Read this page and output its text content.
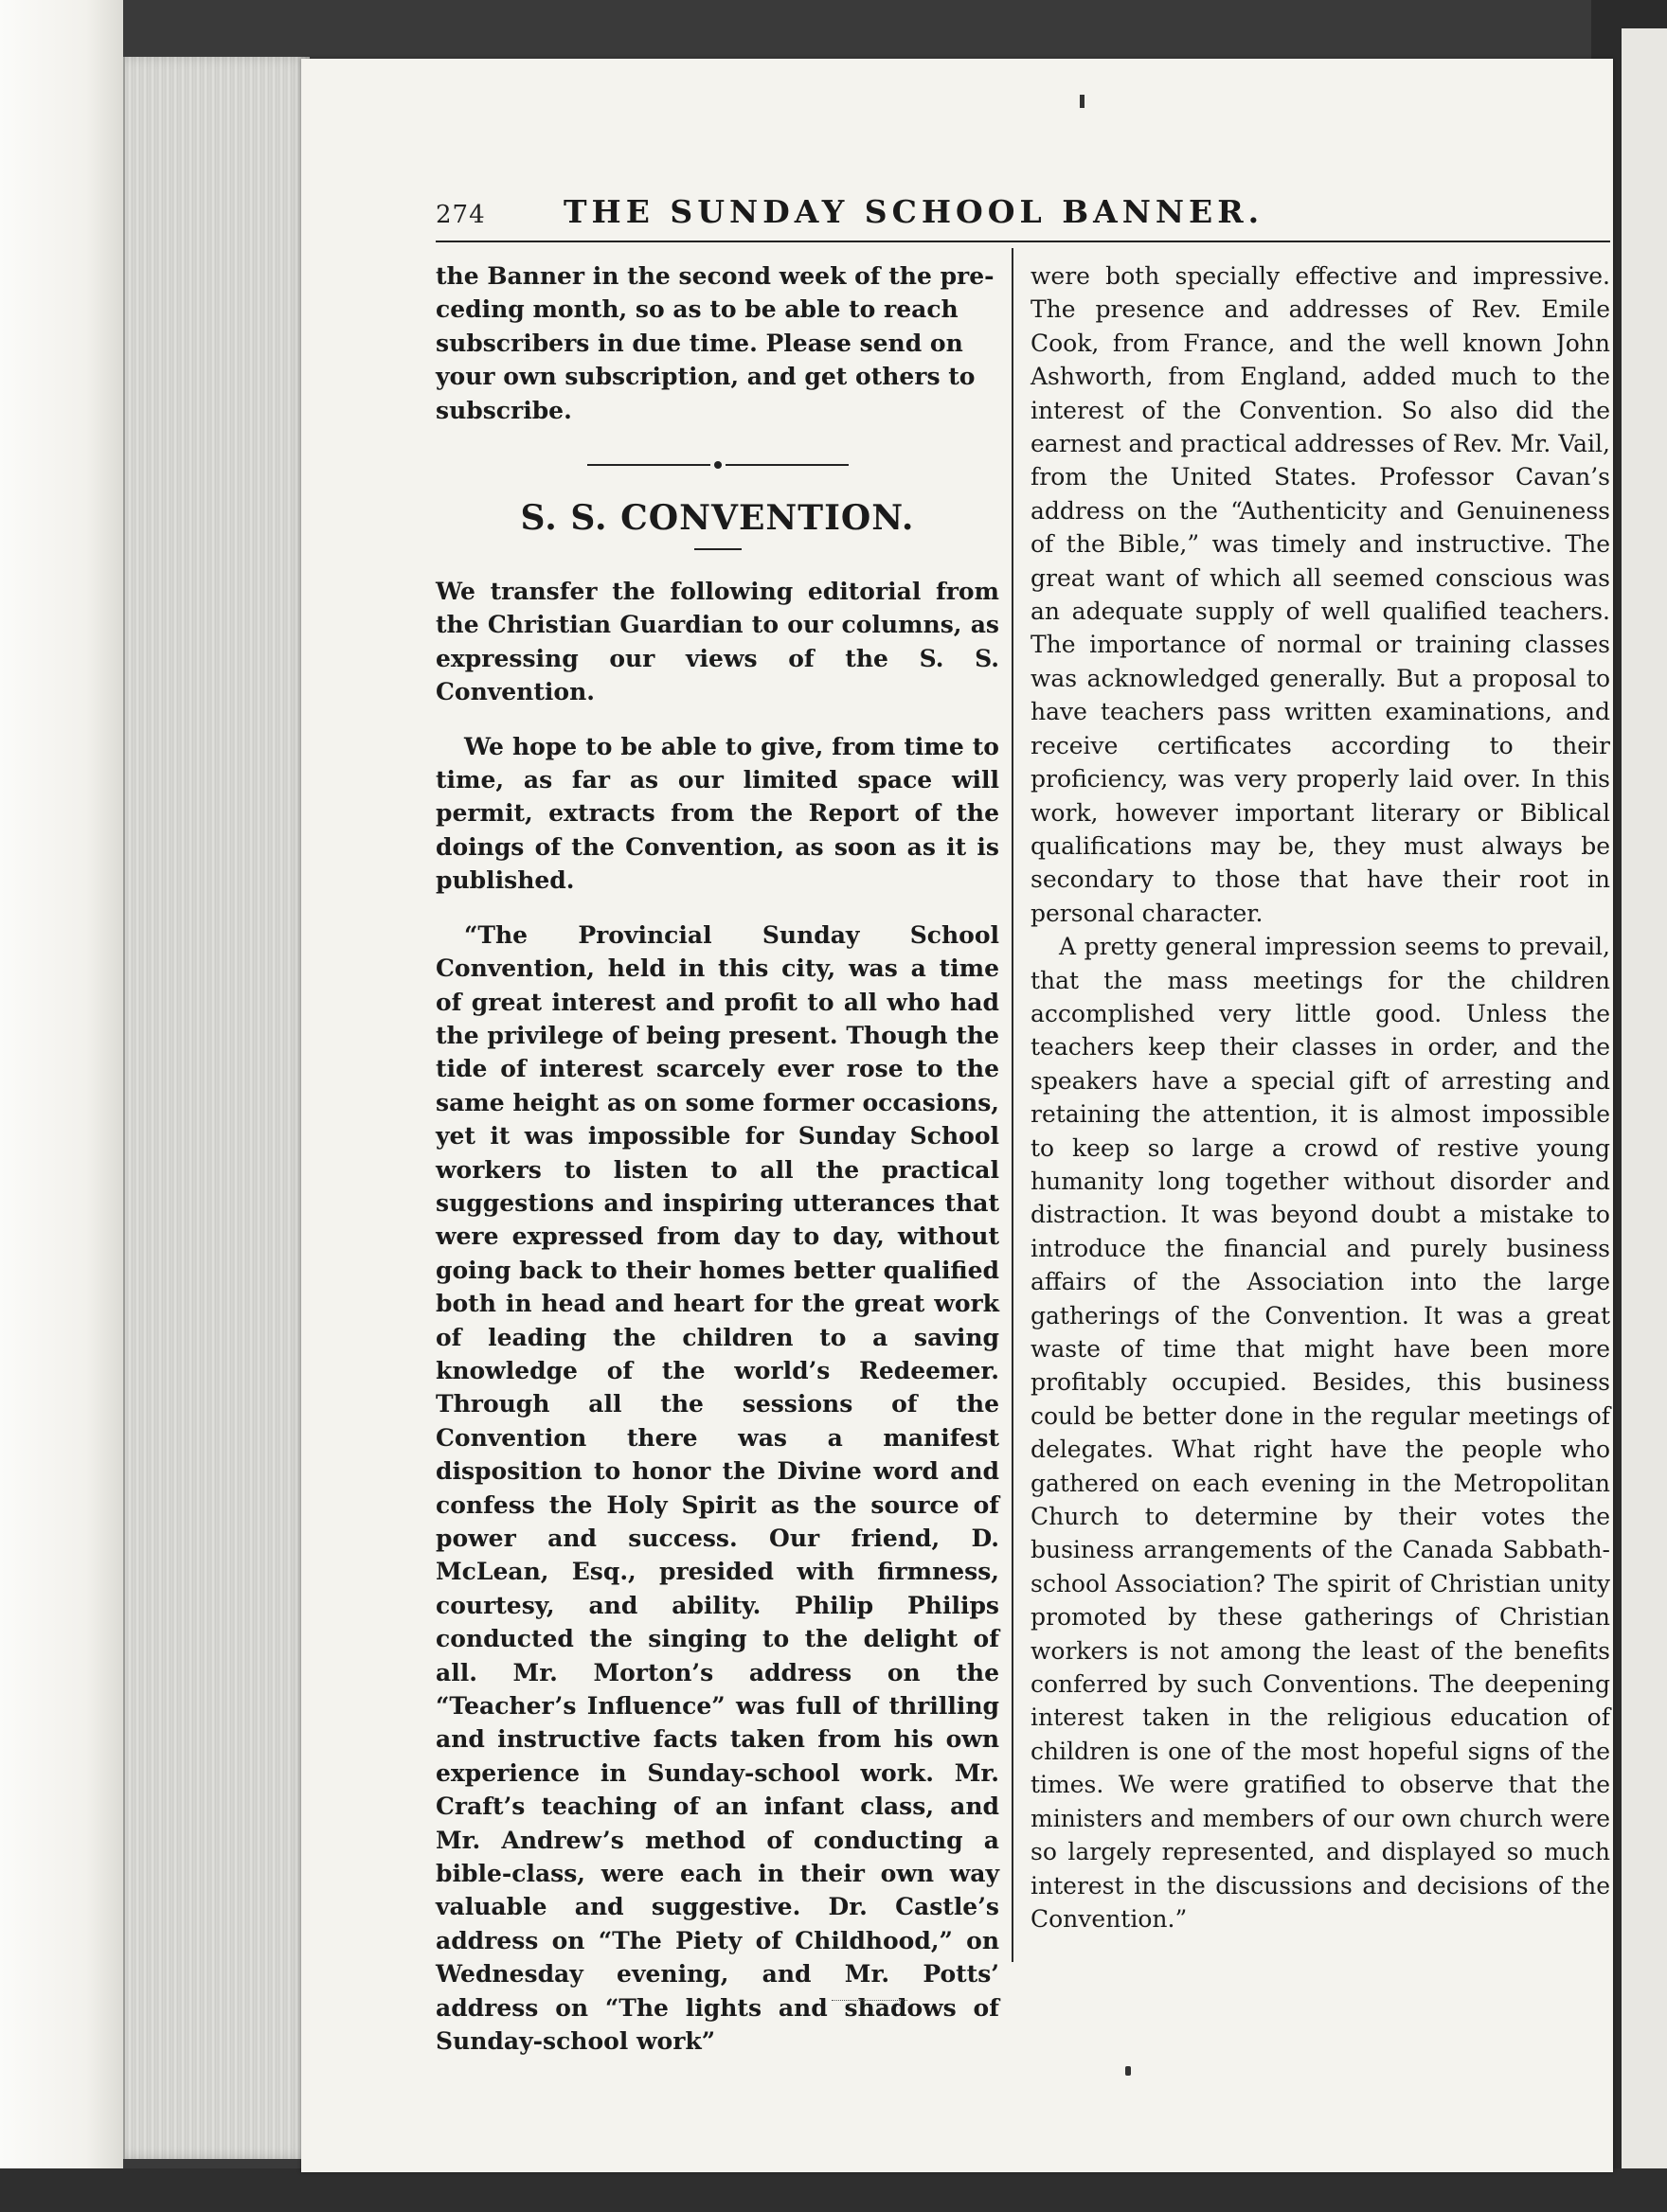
274 THE SUNDAY SCHOOL BANNER.

the Banner in the second week of the pre-

ceding month, so as to be able to reach

subscribers in due time. Please send on

your own subscription, and get others to

subscribe.

S. S. CONVENTION.

We transfer the following editorial from the Christian Guardian to our columns, as expressing our views of the S. S. Convention.

We hope to be able to give, from time to time, as far as our limited space will permit, extracts from the Report of the doings of the Convention, as soon as it is published.

“The Provincial Sunday School Convention, held in this city, was a time of great interest and profit to all who had the privilege of being present. Though the tide of interest scarcely ever rose to the same height as on some former occasions, yet it was impossible for Sunday School workers to listen to all the practical suggestions and inspiring utterances that were expressed from day to day, without going back to their homes better qualified both in head and heart for the great work of leading the children to a saving knowledge of the world’s Redeemer. Through all the sessions of the Convention there was a manifest disposition to honor the Divine word and confess the Holy Spirit as the source of power and success. Our friend, D. McLean, Esq., presided with firmness, courtesy, and ability. Philip Philips conducted the singing to the delight of all. Mr. Morton’s address on the “Teacher’s Influence” was full of thrilling and instructive facts taken from his own experience in Sunday-school work. Mr. Craft’s teaching of an infant class, and Mr. Andrew’s method of conducting a bible-class, were each in their own way valuable and suggestive. Dr. Castle’s address on “The Piety of Childhood,” on Wednesday evening, and Mr. Potts’ address on “The lights and shadows of Sunday-school work”

were both specially effective and impressive. The presence and addresses of Rev. Emile Cook, from France, and the well known John Ashworth, from England, added much to the interest of the Convention. So also did the earnest and practical addresses of Rev. Mr. Vail, from the United States. Professor Cavan’s address on the “Authenticity and Genuineness of the Bible,” was timely and instructive. The great want of which all seemed conscious was an adequate supply of well qualified teachers. The importance of normal or training classes was acknowledged generally. But a proposal to have teachers pass written examinations, and receive certificates according to their proficiency, was very properly laid over. In this work, however important literary or Biblical qualifications may be, they must always be secondary to those that have their root in personal character.

A pretty general impression seems to prevail, that the mass meetings for the children accomplished very little good. Unless the teachers keep their classes in order, and the speakers have a special gift of arresting and retaining the attention, it is almost impossible to keep so large a crowd of restive young humanity long together without disorder and distraction. It was beyond doubt a mistake to introduce the financial and purely business affairs of the Association into the large gatherings of the Convention. It was a great waste of time that might have been more profitably occupied. Besides, this business could be better done in the regular meetings of delegates. What right have the people who gathered on each evening in the Metropolitan Church to determine by their votes the business arrangements of the Canada Sabbath-school Association? The spirit of Christian unity promoted by these gatherings of Christian workers is not among the least of the benefits conferred by such Conventions. The deepening interest taken in the religious education of children is one of the most hopeful signs of the times. We were gratified to observe that the ministers and members of our own church were so largely represented, and displayed so much interest in the discussions and decisions of the Convention.”
